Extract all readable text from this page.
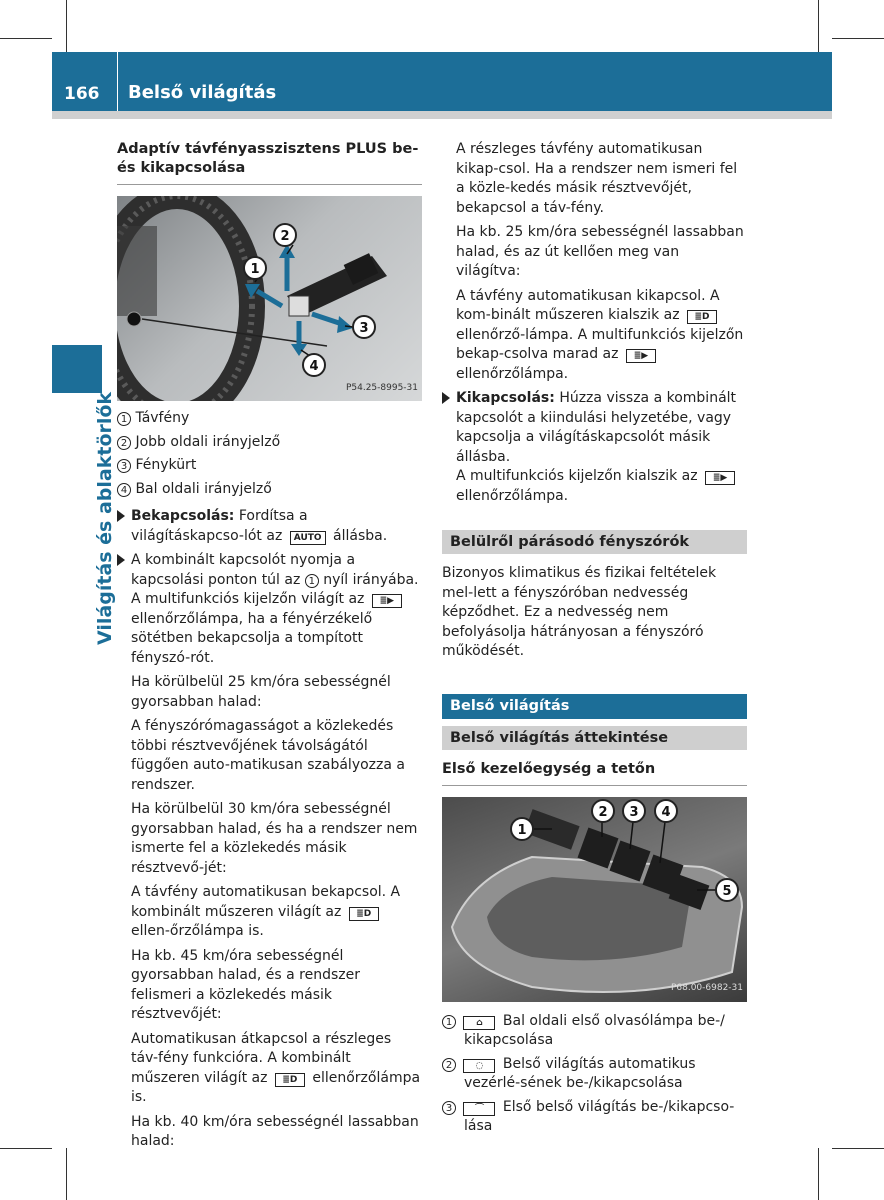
166 Belső világítás
Világítás és ablaktörlők
Adaptív távfényasszisztens PLUS be- és kikapcsolása
1
2
3
4
P54.25-8995-31
1 Távfény
2 Jobb oldali irányjelző
3 Fénykürt
4 Bal oldali irányjelző
Bekapcsolás: Fordítsa a világításkapcso-lót az AUTO állásba.
A kombinált kapcsolót nyomja a kapcsolási ponton túl az 1 nyíl irányába.
A multifunkciós kijelzőn világít az ≣▶ ellenőrzőlámpa, ha a fényérzékelő sötétben bekapcsolja a tompított fényszó-rót.

Ha körülbelül 25 km/óra sebességnél gyorsabban halad:

A fényszórómagasságot a közlekedés többi résztvevőjének távolságától függően auto-matikusan szabályozza a rendszer.

Ha körülbelül 30 km/óra sebességnél gyorsabban halad, és ha a rendszer nem ismerte fel a közlekedés másik résztvevő-jét:

A távfény automatikusan bekapcsol. A kombinált műszeren világít az ≣D ellen-őrzőlámpa is.

Ha kb. 45 km/óra sebességnél gyorsabban halad, és a rendszer felismeri a közlekedés másik résztvevőjét:

Automatikusan átkapcsol a részleges táv-fény funkcióra. A kombinált műszeren világít az ≣D ellenőrzőlámpa is.

Ha kb. 40 km/óra sebességnél lassabban halad:

A részleges távfény automatikusan kikap-csol. Ha a rendszer nem ismeri fel a közle-kedés másik résztvevőjét, bekapcsol a táv-fény.

Ha kb. 25 km/óra sebességnél lassabban halad, és az út kellően meg van világítva:

A távfény automatikusan kikapcsol. A kom-binált műszeren kialszik az ≣D ellenőrző-lámpa. A multifunkciós kijelzőn bekap-csolva marad az ≣▶ ellenőrzőlámpa.

Kikapcsolás: Húzza vissza a kombinált kapcsolót a kiindulási helyzetébe, vagy kapcsolja a világításkapcsolót másik állásba.
A multifunkciós kijelzőn kialszik az ≣▶ ellenőrzőlámpa.
Belülről párásodó fényszórók

Bizonyos klimatikus és fizikai feltételek mel-lett a fényszóróban nedvesség képződhet. Ez a nedvesség nem befolyásolja hátrányosan a fényszóró működését.

Belső világítás
Belső világítás áttekintése
Első kezelőegység a tetőn
1
2 3 4
5
P68.00-6982-31
1	⌂ Bal oldali első olvasólámpa be-/ kikapcsolása
2	◌ Belső világítás automatikus vezérlé-sének be-/kikapcsolása
3	⌒ Első belső világítás be-/kikapcso-lása
